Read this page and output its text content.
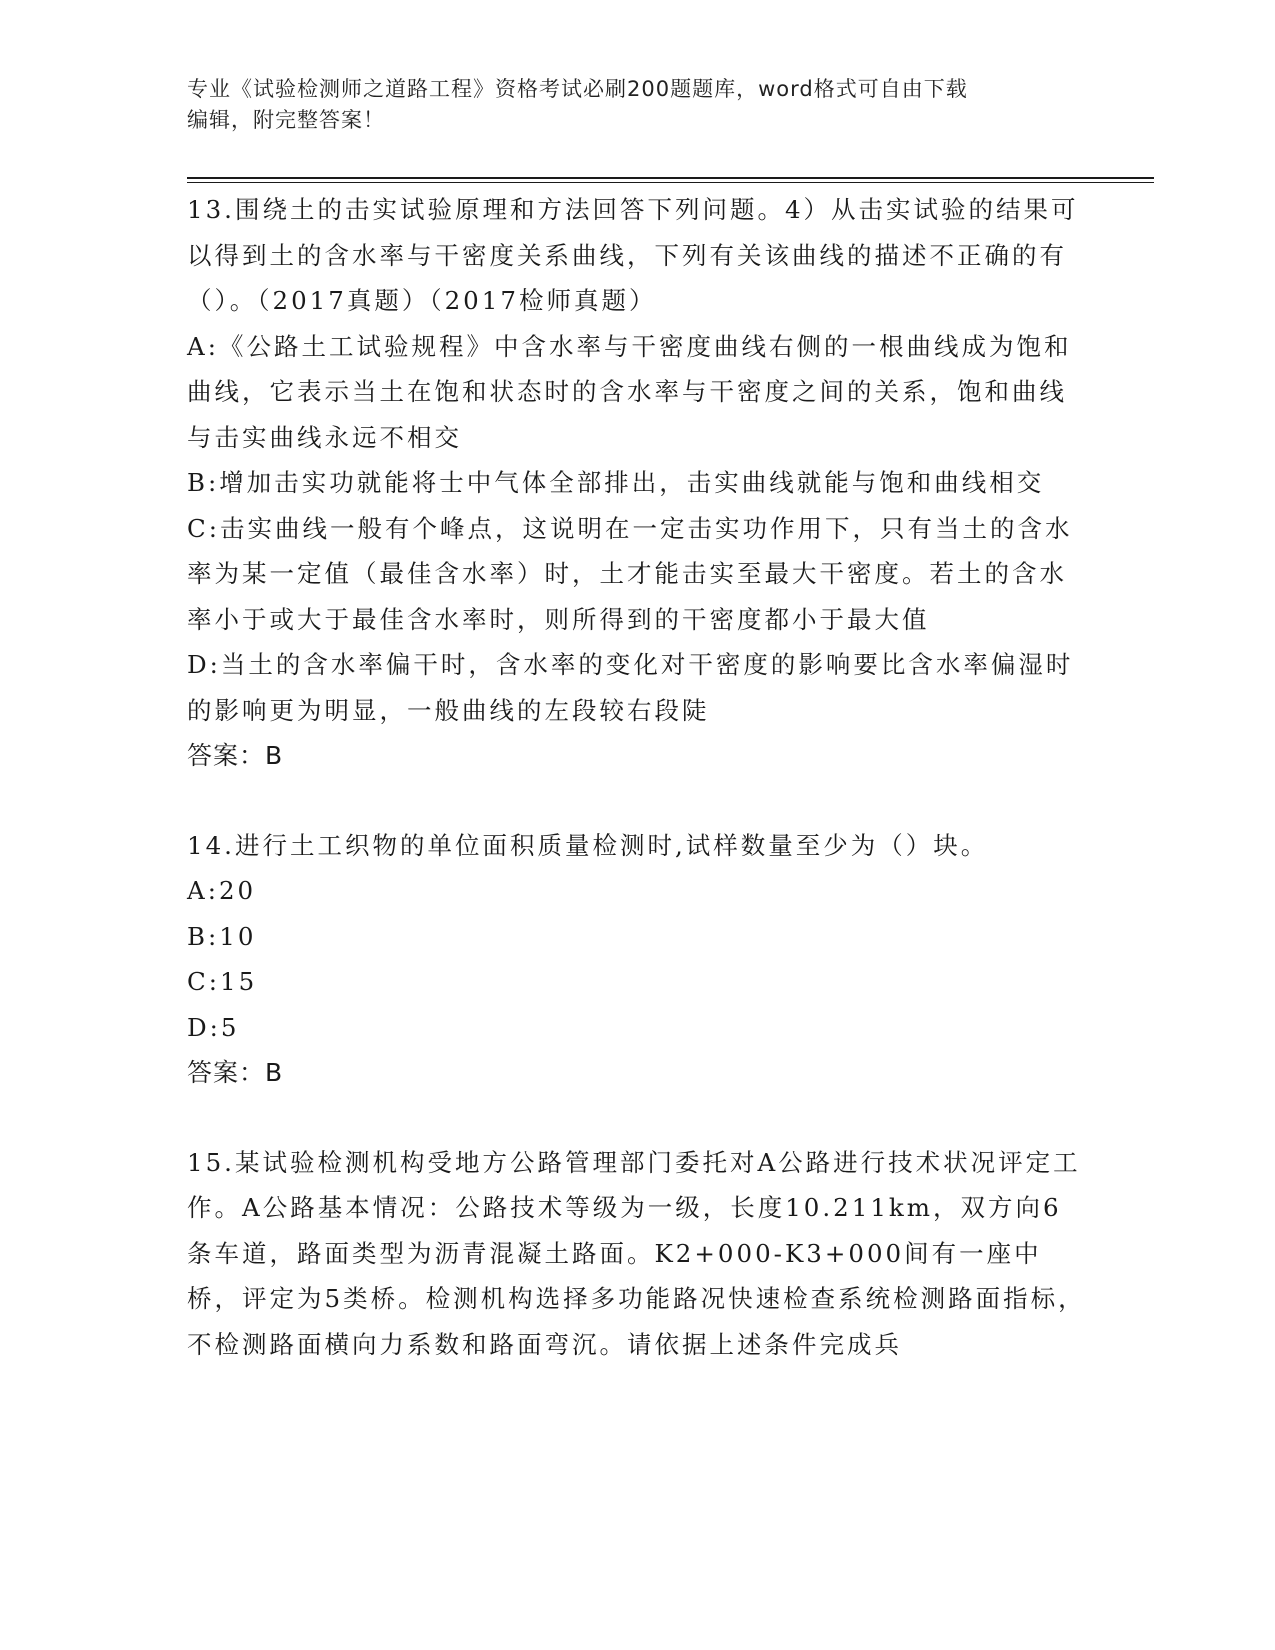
专业《试验检测师之道路工程》资格考试必刷200题题库，word格式可自由下载
编辑，附完整答案！

13.围绕土的击实试验原理和方法回答下列问题。4）从击实试验的结果可以得到土的含水率与干密度关系曲线，下列有关该曲线的描述不正确的有（）。（2017真题）（2017检师真题）

A:《公路土工试验规程》中含水率与干密度曲线右侧的一根曲线成为饱和曲线，它表示当土在饱和状态时的含水率与干密度之间的关系，饱和曲线与击实曲线永远不相交

B:增加击实功就能将士中气体全部排出，击实曲线就能与饱和曲线相交

C:击实曲线一般有个峰点，这说明在一定击实功作用下，只有当土的含水率为某一定值（最佳含水率）时，土才能击实至最大干密度。若土的含水率小于或大于最佳含水率时，则所得到的干密度都小于最大值

D:当土的含水率偏干时，含水率的变化对干密度的影响要比含水率偏湿时的影响更为明显，一般曲线的左段较右段陡

答案：B

14.进行土工织物的单位面积质量检测时,试样数量至少为（）块。

A:20

B:10

C:15

D:5

答案：B

15.某试验检测机构受地方公路管理部门委托对A公路进行技术状况评定工作。A公路基本情况：公路技术等级为一级，长度10.211km，双方向6条车道，路面类型为沥青混凝土路面。K2+000-K3+000间有一座中桥，评定为5类桥。检测机构选择多功能路况快速检查系统检测路面指标，不检测路面横向力系数和路面弯沉。请依据上述条件完成兵
